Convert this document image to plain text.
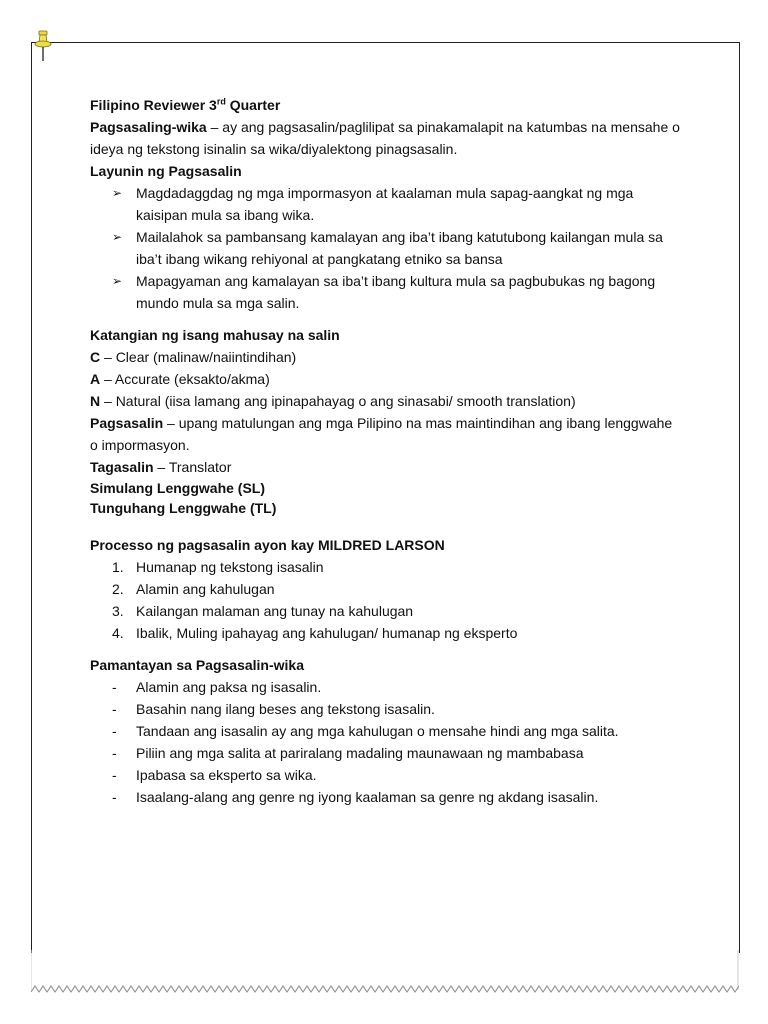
Filipino Reviewer 3rd Quarter

Pagsasaling-wika – ay ang pagsasalin/paglilipat sa pinakamalapit na katumbas na mensahe o ideya ng tekstong isinalin sa wika/diyalektong pinagsasalin.

Layunin ng Pagsasalin

➢ Magdadaggdag ng mga impormasyon at kaalaman mula sapag-aangkat ng mga kaisipan mula sa ibang wika.
➢ Mailalahok sa pambansang kamalayan ang iba’t ibang katutubong kailangan mula sa iba’t ibang wikang rehiyonal at pangkatang etniko sa bansa
➢ Mapagyaman ang kamalayan sa iba’t ibang kultura mula sa pagbubukas ng bagong mundo mula sa mga salin.

Katangian ng isang mahusay na salin

C – Clear (malinaw/naiintindihan)

A – Accurate (eksakto/akma)

N – Natural (iisa lamang ang ipinapahayag o ang sinasabi/ smooth translation)

Pagsasalin – upang matulungan ang mga Pilipino na mas maintindihan ang ibang lenggwahe o impormasyon.

Tagasalin – Translator

Simulang Lenggwahe (SL)

Tunguhang Lenggwahe (TL)

Processo ng pagsasalin ayon kay MILDRED LARSON

1. Humanap ng tekstong isasalin
2. Alamin ang kahulugan
3. Kailangan malaman ang tunay na kahulugan
4. Ibalik, Muling ipahayag ang kahulugan/ humanap ng eksperto

Pamantayan sa Pagsasalin-wika

- Alamin ang paksa ng isasalin.
- Basahin nang ilang beses ang tekstong isasalin.
- Tandaan ang isasalin ay ang mga kahulugan o mensahe hindi ang mga salita.
- Piliin ang mga salita at pariralang madaling maunawaan ng mambabasa
- Ipabasa sa eksperto sa wika.
- Isaalang-alang ang genre ng iyong kaalaman sa genre ng akdang isasalin.
